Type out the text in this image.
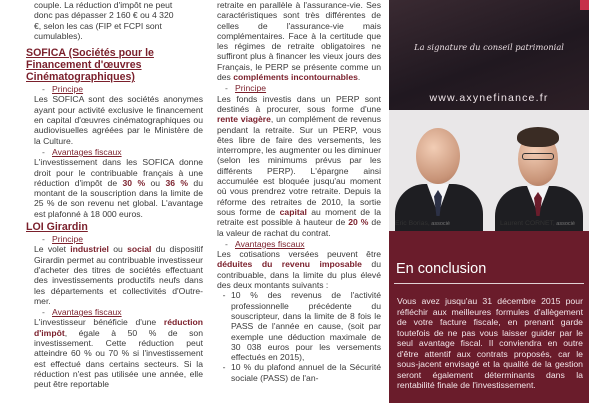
couple. La réduction d'impôt ne peut
donc pas dépasser 2 160 € ou 4 320
€, selon les cas (FIP et FCPI sont
cumulables).
SOFICA (Sociétés pour le Financement d'œuvres Cinématographiques)
- Principe
Les SOFICA sont des sociétés anonymes ayant pour activité exclusive le financement en capital d'œuvres cinématographiques ou audiovisuelles agréées par le Ministère de la Culture.
- Avantages fiscaux
L'investissement dans les SOFICA donne droit pour le contribuable français à une réduction d'impôt de 30 % ou 36 % du montant de la souscription dans la limite de 25 % de son revenu net global. L'avantage est plafonné à 18 000 euros.
LOI Girardin
- Principe
Le volet industriel ou social du dispositif Girardin permet au contribuable investisseur d'acheter des titres de sociétés effectuant des investissements productifs neufs dans les départements et collectivités d'Outre-mer.
- Avantages fiscaux
L'investisseur bénéficie d'une réduction d'impôt, égale à 50 % de son investissement. Cette réduction peut atteindre 60 % ou 70 % si l'investissement est effectué dans certains secteurs. Si la réduction n'est pas utilisée une année, elle peut être reportable
retraite en parallèle à l'assurance-vie. Ses caractéristiques sont très différentes de celles de l'assurance-vie mais complémentaires. Face à la certitude que les régimes de retraite obligatoires ne suffiront plus à financer les vieux jours des Français, le PERP se présente comme un des compléments incontournables.
- Principe
Les fonds investis dans un PERP sont destinés à procurer, sous forme d'une rente viagère, un complément de revenus pendant la retraite. Sur un PERP, vous êtes libre de faire des versements, les interrompre, les augmenter ou les diminuer (selon les minimums prévus par les différents PERP). L'épargne ainsi accumulée est bloquée jusqu'au moment où vous prendrez votre retraite. Depuis la réforme des retraites de 2010, la sortie sous forme de capital au moment de la retraite est possible à hauteur de 20 % de la valeur de rachat du contrat.
- Avantages fiscaux
Les cotisations versées peuvent être déduites du revenu imposable du contribuable, dans la limite du plus élevé des deux montants suivants :
- 10 % des revenus de l'activité professionnelle précédente du souscripteur, dans la limite de 8 fois le PASS de l'année en cause, (soit par exemple une déduction maximale de 30 038 euros pour les versements effectués en 2015),
- 10 % du plafond annuel de la Sécurité sociale (PASS) de l'an-
La signature du conseil patrimonial
www.axynefinance.fr
Eric Borias, associé	Laurent CORNET, associé
En conclusion
Vous avez jusqu'au 31 décembre 2015 pour réfléchir aux meilleures formules d'allègement de votre facture fiscale, en prenant garde toutefois de ne pas vous laisser guider par le seul avantage fiscal. Il conviendra en outre d'être attentif aux contrats proposés, car le sous-jacent envisagé et la qualité de la gestion seront également déterminants dans la rentabilité finale de l'investissement.
